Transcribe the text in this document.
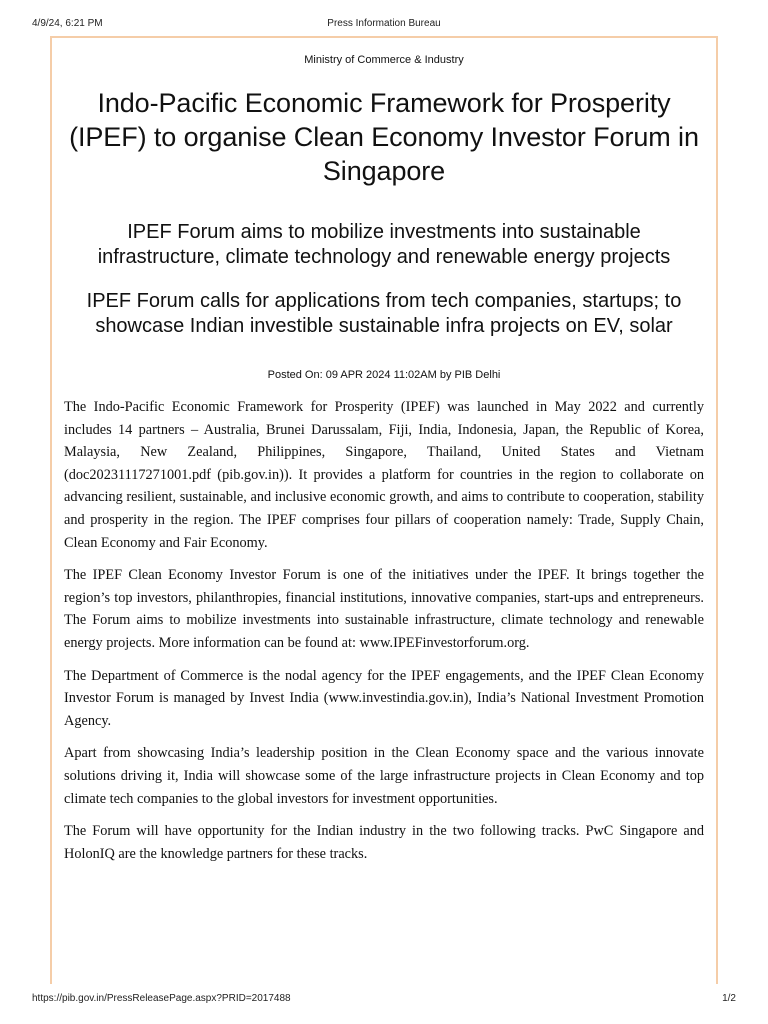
4/9/24, 6:21 PM	Press Information Bureau
Ministry of Commerce & Industry
Indo-Pacific Economic Framework for Prosperity (IPEF) to organise Clean Economy Investor Forum in Singapore
IPEF Forum aims to mobilize investments into sustainable infrastructure, climate technology and renewable energy projects
IPEF Forum calls for applications from tech companies, startups; to showcase Indian investible sustainable infra projects on EV, solar
Posted On: 09 APR 2024 11:02AM by PIB Delhi

The Indo-Pacific Economic Framework for Prosperity (IPEF) was launched in May 2022 and currently includes 14 partners – Australia, Brunei Darussalam, Fiji, India, Indonesia, Japan, the Republic of Korea, Malaysia, New Zealand, Philippines, Singapore, Thailand, United States and Vietnam (doc20231117271001.pdf (pib.gov.in)). It provides a platform for countries in the region to collaborate on advancing resilient, sustainable, and inclusive economic growth, and aims to contribute to cooperation, stability and prosperity in the region. The IPEF comprises four pillars of cooperation namely: Trade, Supply Chain, Clean Economy and Fair Economy.

The IPEF Clean Economy Investor Forum is one of the initiatives under the IPEF. It brings together the region’s top investors, philanthropies, financial institutions, innovative companies, start-ups and entrepreneurs. The Forum aims to mobilize investments into sustainable infrastructure, climate technology and renewable energy projects. More information can be found at: www.IPEFinvestorforum.org.

The Department of Commerce is the nodal agency for the IPEF engagements, and the IPEF Clean Economy Investor Forum is managed by Invest India (www.investindia.gov.in), India’s National Investment Promotion Agency.

Apart from showcasing India’s leadership position in the Clean Economy space and the various innovate solutions driving it, India will showcase some of the large infrastructure projects in Clean Economy and top climate tech companies to the global investors for investment opportunities.

The Forum will have opportunity for the Indian industry in the two following tracks. PwC Singapore and HolonIQ are the knowledge partners for these tracks.

https://pib.gov.in/PressReleasePage.aspx?PRID=2017488	1/2
